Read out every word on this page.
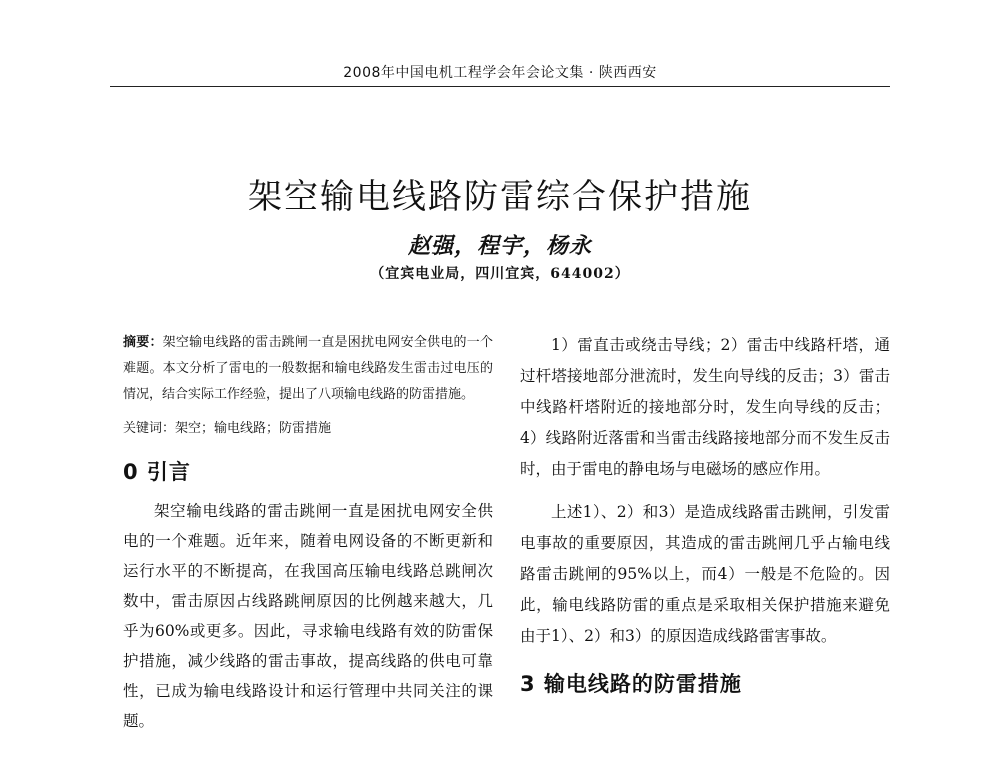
2008年中国电机工程学会年会论文集 · 陕西西安
架空输电线路防雷综合保护措施
赵强，程宇，杨永
（宜宾电业局，四川宜宾，644002）

摘要：架空输电线路的雷击跳闸一直是困扰电网安全供电的一个难题。本文分析了雷电的一般数据和输电线路发生雷击过电压的情况，结合实际工作经验，提出了八项输电线路的防雷措施。

关键词：架空；输电线路；防雷措施

0 引言

架空输电线路的雷击跳闸一直是困扰电网安全供电的一个难题。近年来，随着电网设备的不断更新和运行水平的不断提高，在我国高压输电线路总跳闸次数中，雷击原因占线路跳闸原因的比例越来越大，几乎为60%或更多。因此，寻求输电线路有效的防雷保护措施，减少线路的雷击事故，提高线路的供电可靠性，已成为输电线路设计和运行管理中共同关注的课题。

1）雷直击或绕击导线；2）雷击中线路杆塔，通过杆塔接地部分泄流时，发生向导线的反击；3）雷击中线路杆塔附近的接地部分时，发生向导线的反击；4）线路附近落雷和当雷击线路接地部分而不发生反击时，由于雷电的静电场与电磁场的感应作用。

上述1）、2）和3）是造成线路雷击跳闸，引发雷电事故的重要原因，其造成的雷击跳闸几乎占输电线路雷击跳闸的95%以上，而4）一般是不危险的。因此，输电线路防雷的重点是采取相关保护措施来避免由于1）、2）和3）的原因造成线路雷害事故。

3 输电线路的防雷措施
